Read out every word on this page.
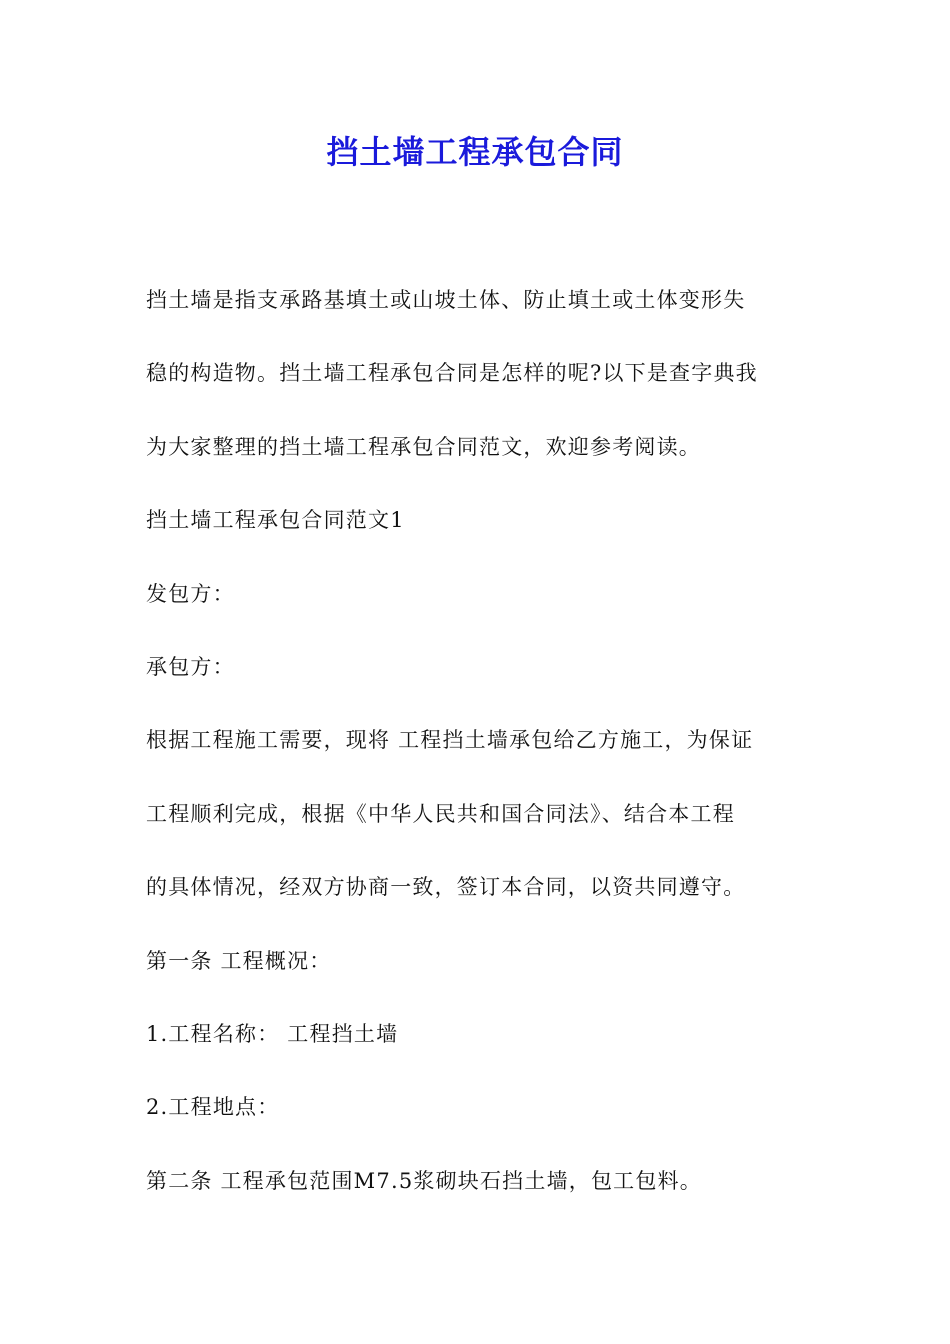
挡土墙工程承包合同

挡土墙是指支承路基填土或山坡土体、防止填土或土体变形失

稳的构造物。挡土墙工程承包合同是怎样的呢?以下是查字典我

为大家整理的挡土墙工程承包合同范文，欢迎参考阅读。

挡土墙工程承包合同范文1

发包方：

承包方：

根据工程施工需要，现将 工程挡土墙承包给乙方施工，为保证

工程顺利完成，根据《中华人民共和国合同法》、结合本工程

的具体情况，经双方协商一致，签订本合同，以资共同遵守。

第一条 工程概况：

1.工程名称： 工程挡土墙

2.工程地点：

第二条 工程承包范围M7.5浆砌块石挡土墙，包工包料。
